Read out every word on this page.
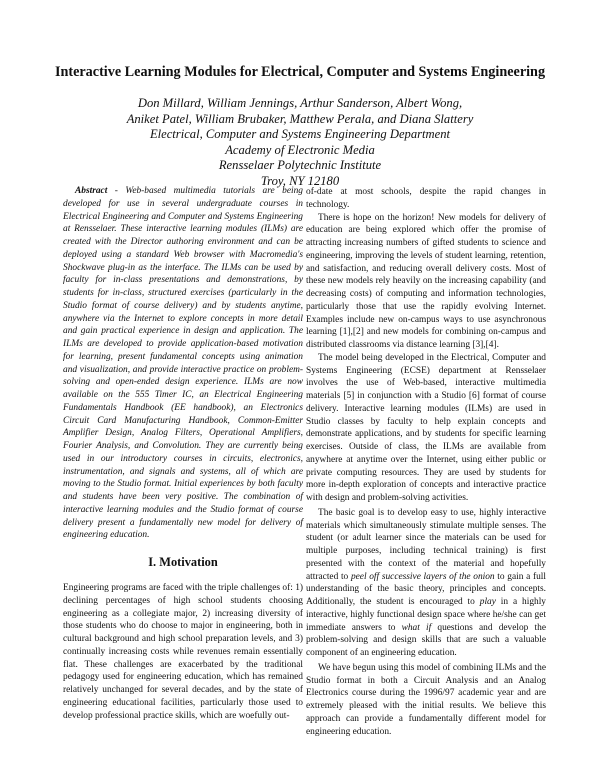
Interactive Learning Modules for Electrical, Computer and Systems Engineering
Don Millard, William Jennings, Arthur Sanderson, Albert Wong,
Aniket Patel, William Brubaker, Matthew Perala, and Diana Slattery
Electrical, Computer and Systems Engineering Department
Academy of Electronic Media
Rensselaer Polytechnic Institute
Troy, NY 12180

Abstract - Web-based multimedia tutorials are being developed for use in several undergraduate courses in Electrical Engineering and Computer and Systems Engineering at Rensselaer. These interactive learning modules (ILMs) are created with the Director authoring environment and can be deployed using a standard Web browser with Macromedia's Shockwave plug-in as the interface. The ILMs can be used by faculty for in-class presentations and demonstrations, by students for in-class, structured exercises (particularly in the Studio format of course delivery) and by students anytime, anywhere via the Internet to explore concepts in more detail and gain practical experience in design and application. The ILMs are developed to provide application-based motivation for learning, present fundamental concepts using animation and visualization, and provide interactive practice on problem-solving and open-ended design experience. ILMs are now available on the 555 Timer IC, an Electrical Engineering Fundamentals Handbook (EE handbook), an Electronics Circuit Card Manufacturing Handbook, Common-Emitter Amplifier Design, Analog Filters, Operational Amplifiers, Fourier Analysis, and Convolution. They are currently being used in our introductory courses in circuits, electronics, instrumentation, and signals and systems, all of which are moving to the Studio format. Initial experiences by both faculty and students have been very positive. The combination of interactive learning modules and the Studio format of course delivery present a fundamentally new model for delivery of engineering education.

I. Motivation

Engineering programs are faced with the triple challenges of: 1) declining percentages of high school students choosing engineering as a collegiate major, 2) increasing diversity of those students who do choose to major in engineering, both in cultural background and high school preparation levels, and 3) continually increasing costs while revenues remain essentially flat. These challenges are exacerbated by the traditional pedagogy used for engineering education, which has remained relatively unchanged for several decades, and by the state of engineering educational facilities, particularly those used to develop professional practice skills, which are woefully out-

of-date at most schools, despite the rapid changes in technology.

There is hope on the horizon! New models for delivery of education are being explored which offer the promise of attracting increasing numbers of gifted students to science and engineering, improving the levels of student learning, retention, and satisfaction, and reducing overall delivery costs. Most of these new models rely heavily on the increasing capability (and decreasing costs) of computing and information technologies, particularly those that use the rapidly evolving Internet. Examples include new on-campus ways to use asynchronous learning [1],[2] and new models for combining on-campus and distributed classrooms via distance learning [3],[4].

The model being developed in the Electrical, Computer and Systems Engineering (ECSE) department at Rensselaer involves the use of Web-based, interactive multimedia materials [5] in conjunction with a Studio [6] format of course delivery. Interactive learning modules (ILMs) are used in Studio classes by faculty to help explain concepts and demonstrate applications, and by students for specific learning exercises. Outside of class, the ILMs are available from anywhere at anytime over the Internet, using either public or private computing resources. They are used by students for more in-depth exploration of concepts and interactive practice with design and problem-solving activities.

The basic goal is to develop easy to use, highly interactive materials which simultaneously stimulate multiple senses. The student (or adult learner since the materials can be used for multiple purposes, including technical training) is first presented with the context of the material and hopefully attracted to peel off successive layers of the onion to gain a full understanding of the basic theory, principles and concepts. Additionally, the student is encouraged to play in a highly interactive, highly functional design space where he/she can get immediate answers to what if questions and develop the problem-solving and design skills that are such a valuable component of an engineering education.

We have begun using this model of combining ILMs and the Studio format in both a Circuit Analysis and an Analog Electronics course during the 1996/97 academic year and are extremely pleased with the initial results. We believe this approach can provide a fundamentally different model for engineering education.
